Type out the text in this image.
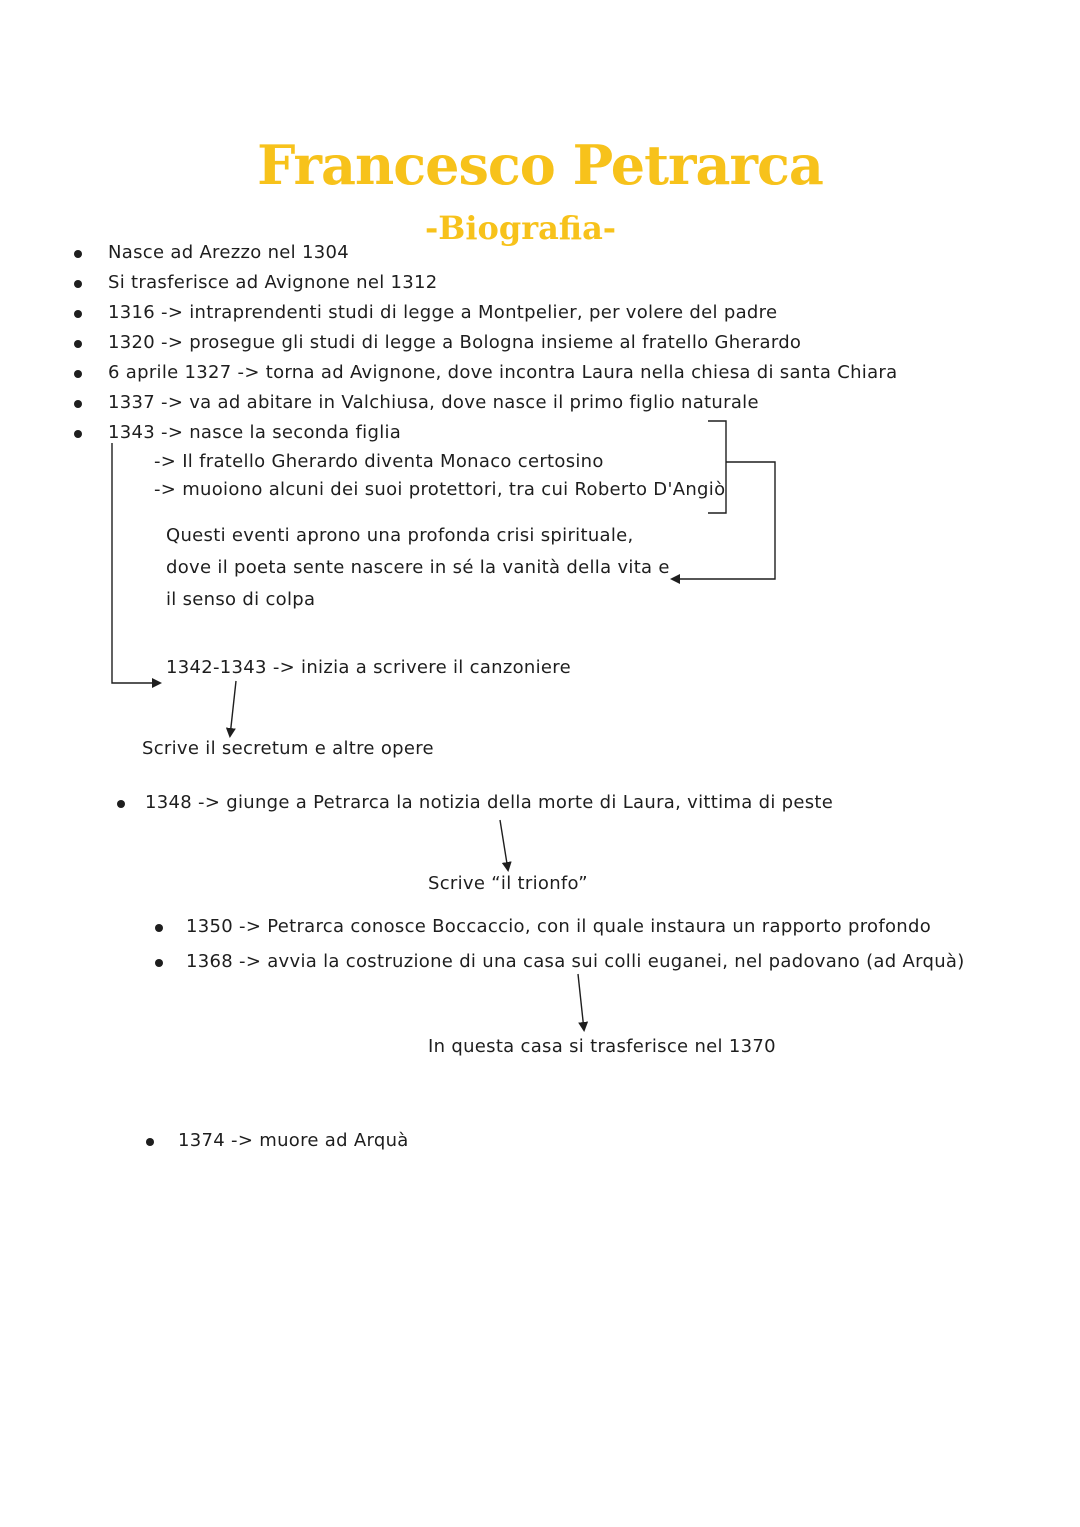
Francesco Petrarca
-Biografia-
Nasce ad Arezzo nel 1304
Si trasferisce ad Avignone nel 1312
1316 -> intraprendenti studi di legge a Montpelier, per volere del padre
1320 -> prosegue gli studi di legge a Bologna insieme al fratello Gherardo
6 aprile 1327 -> torna ad Avignone, dove incontra Laura nella chiesa di santa Chiara
1337 -> va ad abitare in Valchiusa, dove nasce il primo figlio naturale
1343 -> nasce la seconda figlia
-> Il fratello Gherardo diventa Monaco certosino
-> muoiono alcuni dei suoi protettori, tra cui Roberto D'Angiò
Questi eventi aprono una profonda crisi spirituale,
dove il poeta sente nascere in sé la vanità della vita e
il senso di colpa
1342-1343 -> inizia a scrivere il canzoniere
Scrive il secretum e altre opere
1348 -> giunge a Petrarca la notizia della morte di Laura, vittima di peste
Scrive “il trionfo”
1350 -> Petrarca conosce Boccaccio, con il quale instaura un rapporto profondo
1368 -> avvia la costruzione di una casa sui colli euganei, nel padovano (ad Arquà)
In questa casa si trasferisce nel 1370
1374 -> muore ad Arquà
